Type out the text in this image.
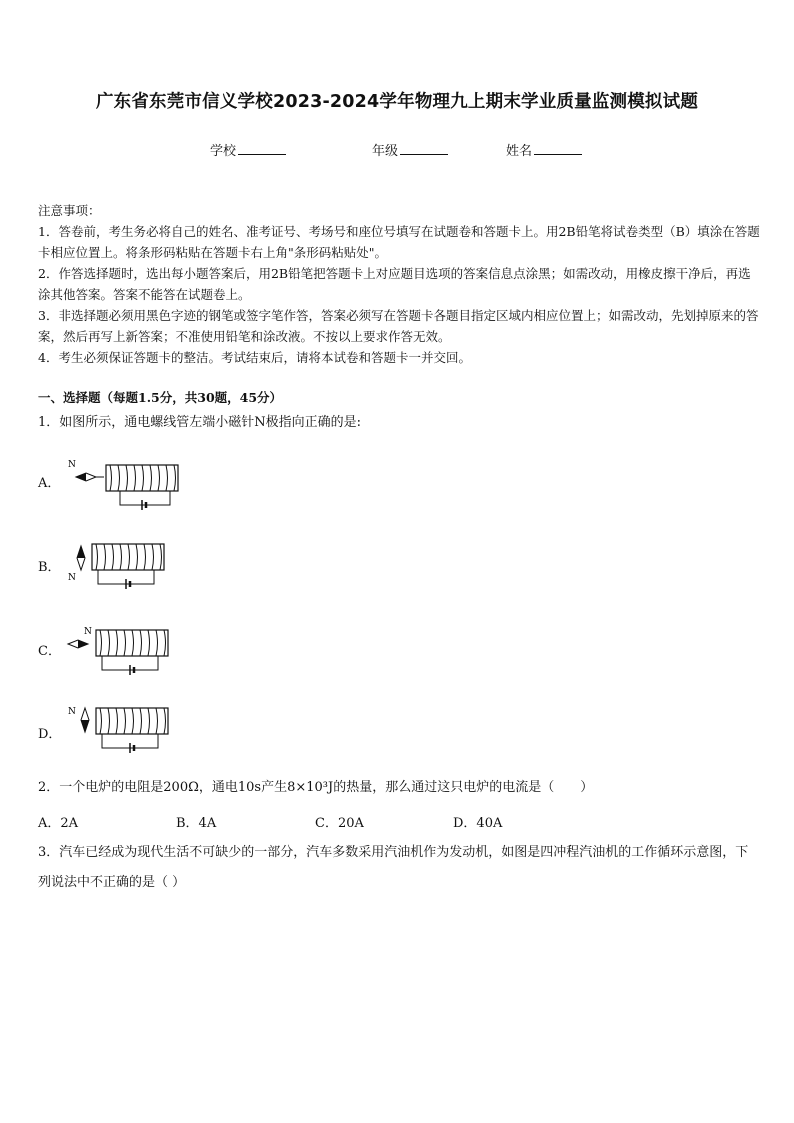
广东省东莞市信义学校2023-2024学年物理九上期末学业质量监测模拟试题
学校	年级	姓名

注意事项：

1．答卷前，考生务必将自己的姓名、准考证号、考场号和座位号填写在试题卷和答题卡上。用2B铅笔将试卷类型（B）填涂在答题卡相应位置上。将条形码粘贴在答题卡右上角"条形码粘贴处"。

2．作答选择题时，选出每小题答案后，用2B铅笔把答题卡上对应题目选项的答案信息点涂黑；如需改动，用橡皮擦干净后，再选涂其他答案。答案不能答在试题卷上。

3．非选择题必须用黑色字迹的钢笔或签字笔作答，答案必须写在答题卡各题目指定区域内相应位置上；如需改动，先划掉原来的答案，然后再写上新答案；不准使用铅笔和涂改液。不按以上要求作答无效。

4．考生必须保证答题卡的整洁。考试结束后，请将本试卷和答题卡一并交回。

一、选择题（每题1.5分，共30题，45分）
1．如图所示，通电螺线管左端小磁针N极指向正确的是:
A．
N
B．
N
C．
N
D．
N
2．一个电炉的电阻是200Ω，通电10s产生8×10³J的热量，那么通过这只电炉的电流是（　　）
A．2A	B．4A	C．20A	D．40A
3．汽车已经成为现代生活不可缺少的一部分，汽车多数采用汽油机作为发动机，如图是四冲程汽油机的工作循环示意图，下列说法中不正确的是（ ）
